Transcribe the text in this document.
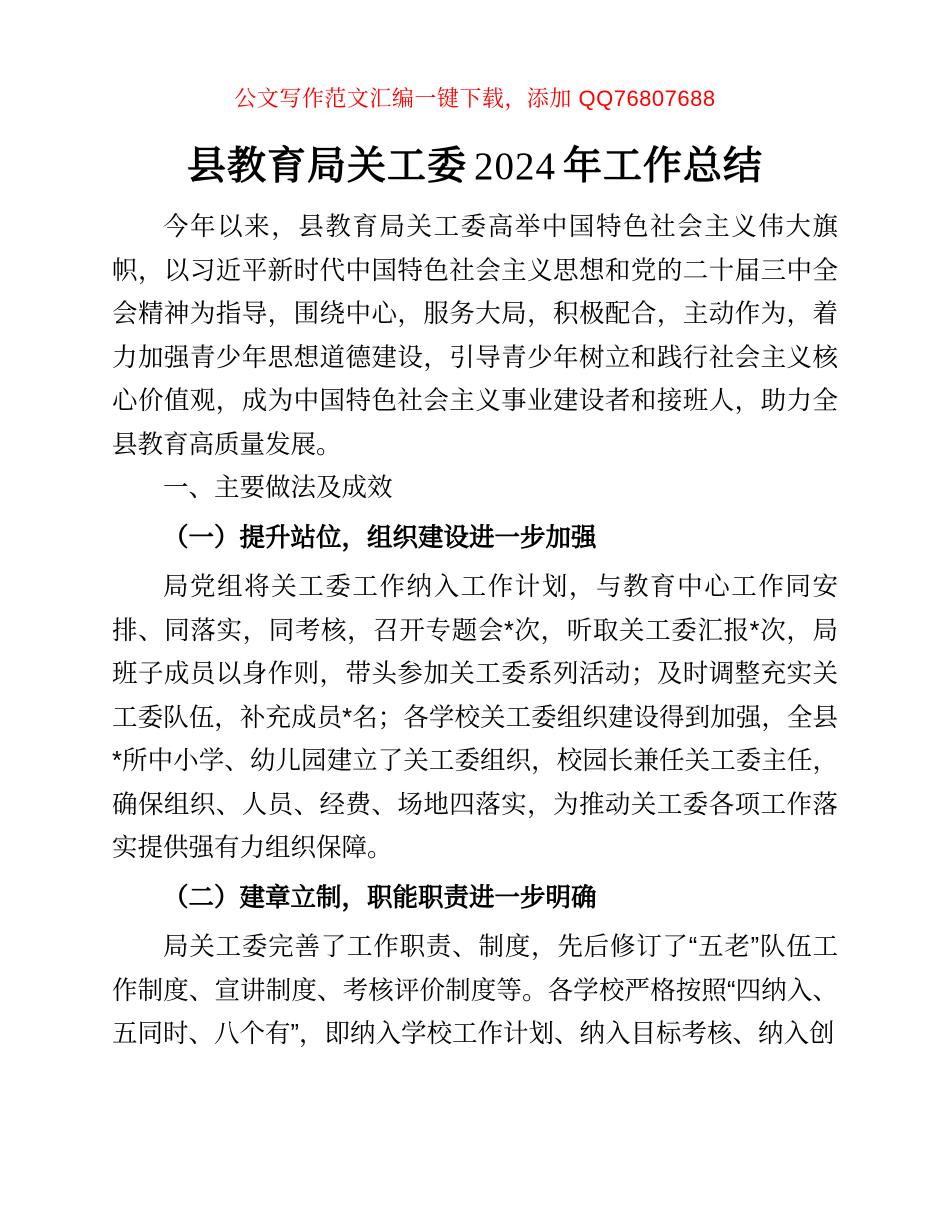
公文写作范文汇编一键下载，添加 QQ76807688
县教育局关工委 2024 年工作总结

今年以来，县教育局关工委高举中国特色社会主义伟大旗帜，以习近平新时代中国特色社会主义思想和党的二十届三中全会精神为指导，围绕中心，服务大局，积极配合，主动作为，着力加强青少年思想道德建设，引导青少年树立和践行社会主义核心价值观，成为中国特色社会主义事业建设者和接班人，助力全县教育高质量发展。

一、主要做法及成效

（一）提升站位，组织建设进一步加强

局党组将关工委工作纳入工作计划，与教育中心工作同安排、同落实，同考核，召开专题会*次，听取关工委汇报*次，局班子成员以身作则，带头参加关工委系列活动；及时调整充实关工委队伍，补充成员*名；各学校关工委组织建设得到加强，全县*所中小学、幼儿园建立了关工委组织，校园长兼任关工委主任，确保组织、人员、经费、场地四落实，为推动关工委各项工作落实提供强有力组织保障。

（二）建章立制，职能职责进一步明确

局关工委完善了工作职责、制度，先后修订了“五老”队伍工作制度、宣讲制度、考核评价制度等。各学校严格按照“四纳入、五同时、八个有”，即纳入学校工作计划、纳入目标考核、纳入创
